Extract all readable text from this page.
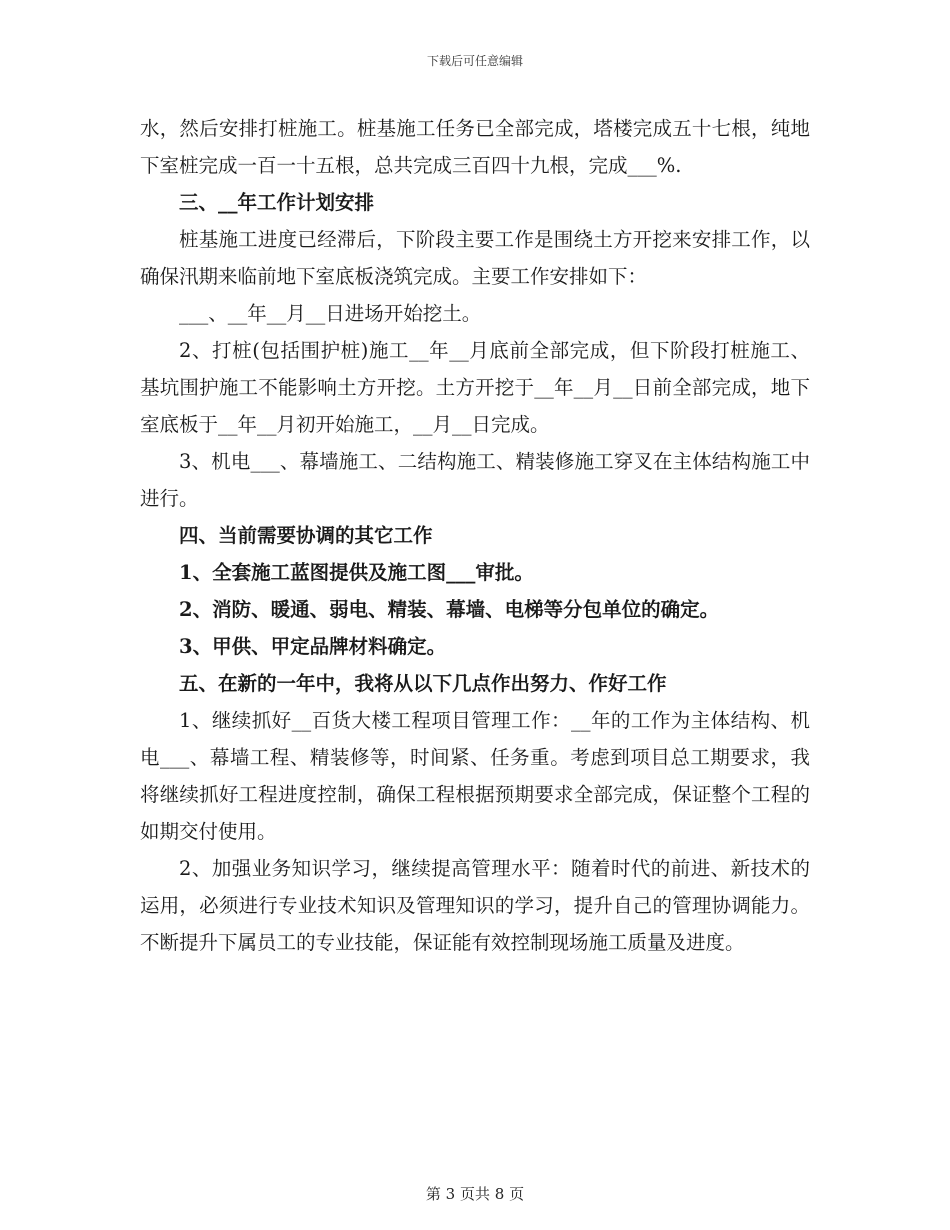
下载后可任意编辑

水，然后安排打桩施工。桩基施工任务已全部完成，塔楼完成五十七根，纯地下室桩完成一百一十五根，总共完成三百四十九根，完成___%.

三、__年工作计划安排

桩基施工进度已经滞后，下阶段主要工作是围绕土方开挖来安排工作，以确保汛期来临前地下室底板浇筑完成。主要工作安排如下：

___、__年__月__日进场开始挖土。

2、打桩(包括围护桩)施工__年__月底前全部完成，但下阶段打桩施工、基坑围护施工不能影响土方开挖。土方开挖于__年__月__日前全部完成，地下室底板于__年__月初开始施工，__月__日完成。

3、机电___、幕墙施工、二结构施工、精装修施工穿叉在主体结构施工中进行。

四、当前需要协调的其它工作

1、全套施工蓝图提供及施工图___审批。

2、消防、暖通、弱电、精装、幕墙、电梯等分包单位的确定。

3、甲供、甲定品牌材料确定。

五、在新的一年中，我将从以下几点作出努力、作好工作

1、继续抓好__百货大楼工程项目管理工作：__年的工作为主体结构、机电___、幕墙工程、精装修等，时间紧、任务重。考虑到项目总工期要求，我将继续抓好工程进度控制，确保工程根据预期要求全部完成，保证整个工程的如期交付使用。

2、加强业务知识学习，继续提高管理水平：随着时代的前进、新技术的运用，必须进行专业技术知识及管理知识的学习，提升自己的管理协调能力。不断提升下属员工的专业技能，保证能有效控制现场施工质量及进度。

第 3 页共 8 页
